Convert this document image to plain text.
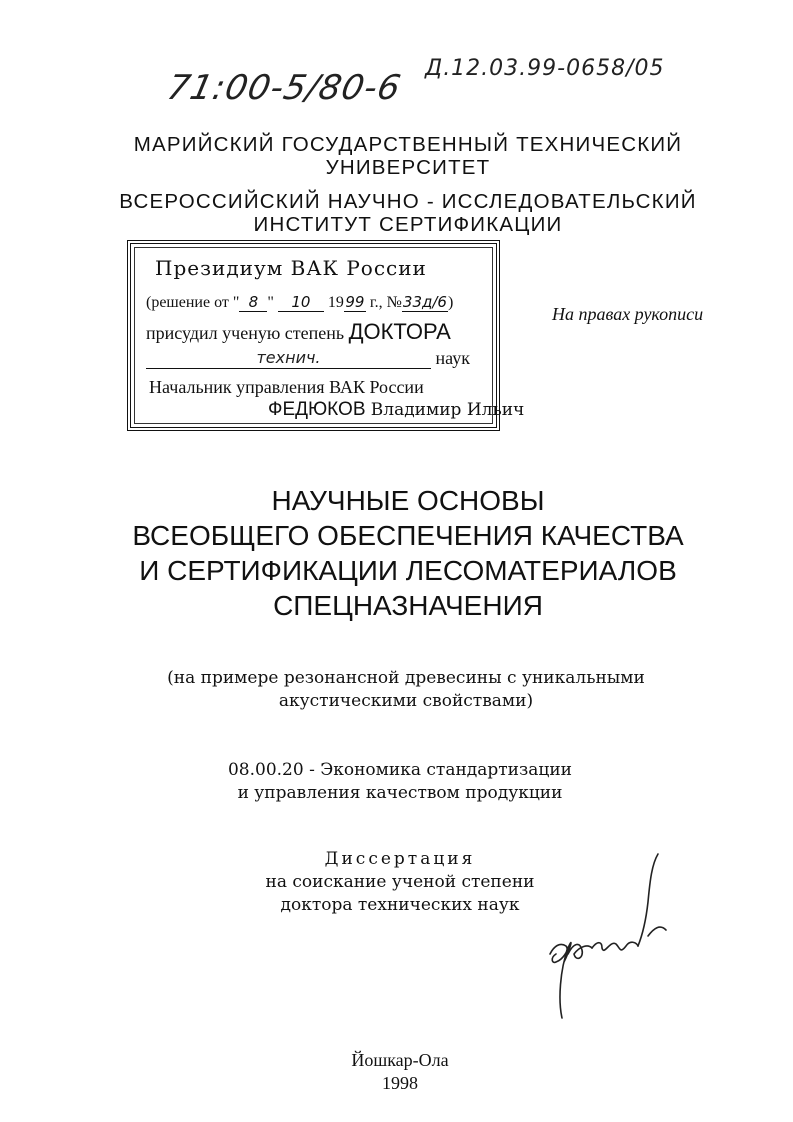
71:00-5/80-6 Д.12.03.99-0658/05
МАРИЙСКИЙ ГОСУДАРСТВЕННЫЙ ТЕХНИЧЕСКИЙ
УНИВЕРСИТЕТ
ВСЕРОССИЙСКИЙ НАУЧНО - ИССЛЕДОВАТЕЛЬСКИЙ
ИНСТИТУТ СЕРТИФИКАЦИИ
Президиум ВАК России
(решение от " 8 " 10 1999 г., №33д/6)
присудил ученую степень ДОКТОРА
технич.	наук
Начальник управления ВАК России
ФЕДЮКОВ Владимир Ильич
На правах рукописи
НАУЧНЫЕ ОСНОВЫ
ВСЕОБЩЕГО ОБЕСПЕЧЕНИЯ КАЧЕСТВА
И СЕРТИФИКАЦИИ ЛЕСОМАТЕРИАЛОВ
СПЕЦНАЗНАЧЕНИЯ
(на примере резонансной древесины с уникальными
акустическими свойствами)
08.00.20 - Экономика стандартизации
и управления качеством продукции
Диссертация
на соискание ученой степени
доктора технических наук
Йошкар-Ола
1998
